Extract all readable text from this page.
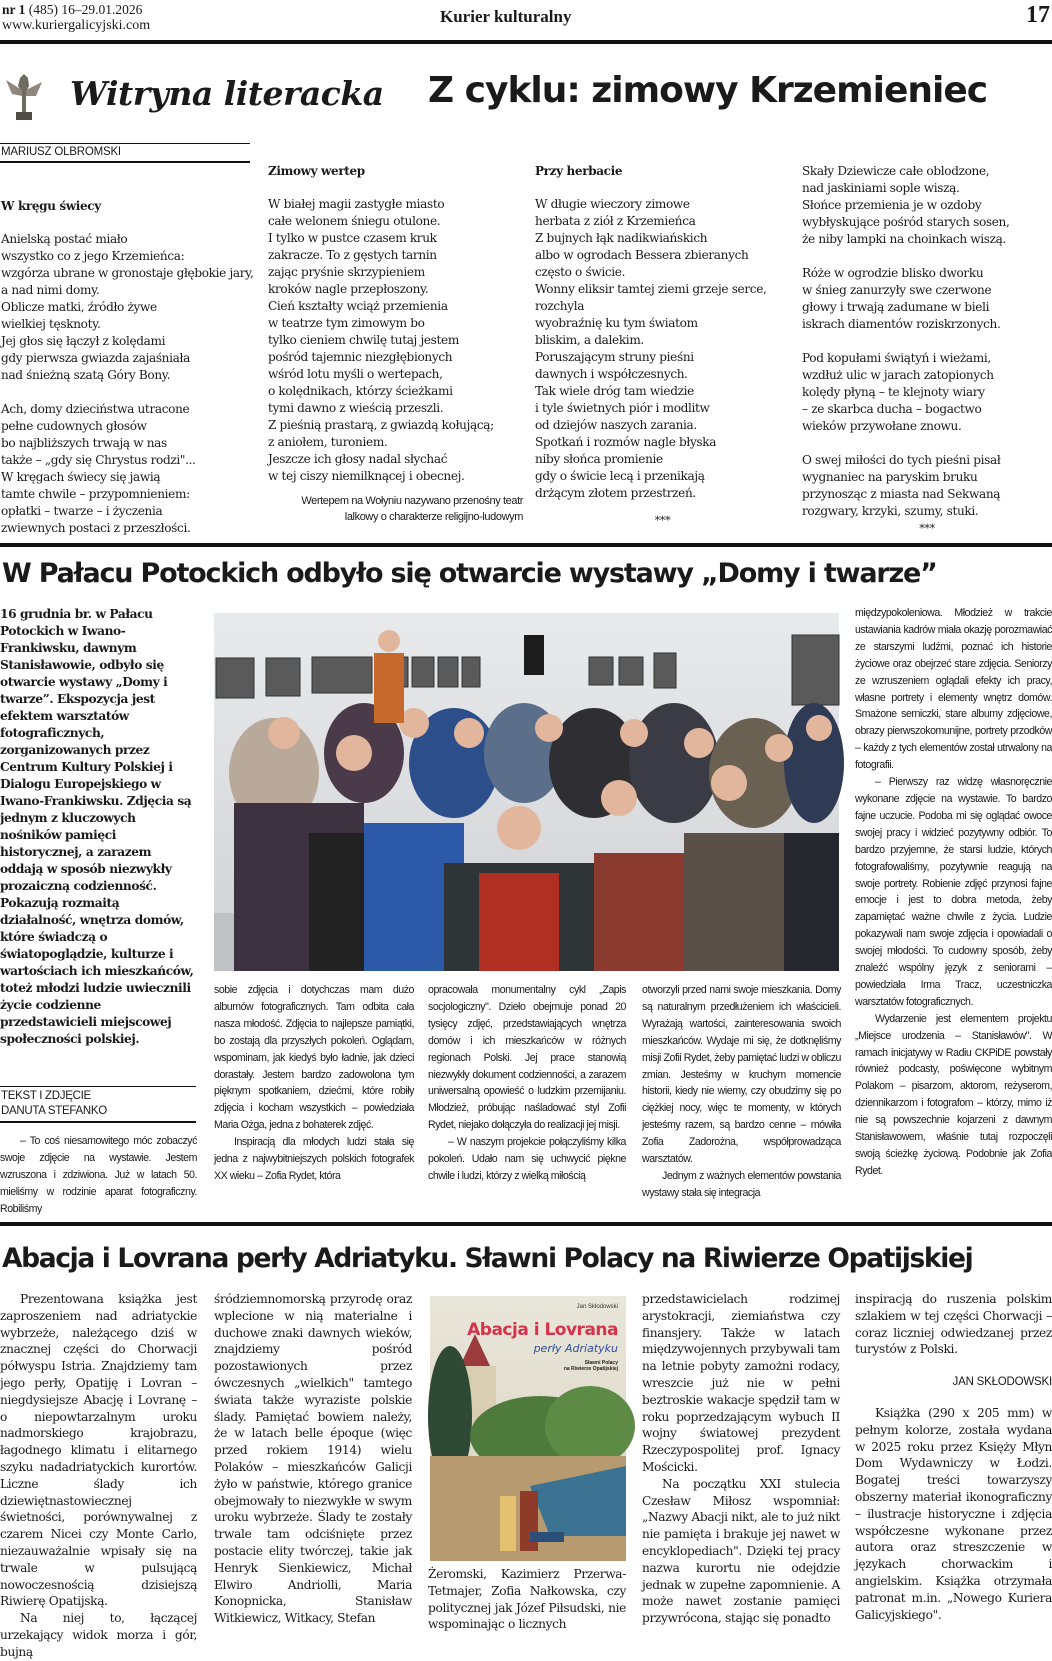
nr 1 (485) 16–29.01.2026
www.kuriergalicyjski.com	Kurier kulturalny	17
Witryna literacka Z cyklu: zimowy Krzemieniec
MARIUSZ OLBROMSKI

W kręgu świecy
Anielską postać miało
wszystko co z jego Krzemieńca:
wzgórza ubrane w gronostaje głębokie jary,
a nad nimi domy.
Oblicze matki, źródło żywe
wielkiej tęsknoty.
Jej głos się łączył z kolędami
gdy pierwsza gwiazda zajaśniała
nad śnieżną szatą Góry Bony.

Ach, domy dzieciństwa utracone
pełne cudownych głosów
bo najbliższych trwają w nas
także – „gdy się Chrystus rodzi"...
W kręgach świecy się jawią
tamte chwile – przypomnieniem:
opłatki – twarze – i życzenia
zwiewnych postaci z przeszłości.

Zimowy wertep
W białej magii zastygłe miasto
całe welonem śniegu otulone.
I tylko w pustce czasem kruk
zakracze. To z gęstych tarnin
zając pryśnie skrzypieniem
kroków nagle przepłoszony.
Cień kształty wciąż przemienia
w teatrze tym zimowym bo
tylko cieniem chwilę tutaj jestem
pośród tajemnic niezgłębionych
wśród lotu myśli o wertepach,
o kolędnikach, którzy ścieżkami
tymi dawno z wieścią przeszli.
Z pieśnią prastarą, z gwiazdą kołującą;
z aniołem, turoniem.
Jeszcze ich głosy nadal słychać
w tej ciszy niemilknącej i obecnej.

Wertepem na Wołyniu nazywano przenośny teatr lalkowy o charakterze religijno-ludowym

Przy herbacie
W długie wieczory zimowe
herbata z ziół z Krzemieńca
Z bujnych łąk nadikwiańskich
albo w ogrodach Bessera zbieranych
często o świcie.
Wonny eliksir tamtej ziemi grzeje serce,
rozchyla
wyobraźnię ku tym światom
bliskim, a dalekim.
Poruszającym struny pieśni
dawnych i współczesnych.
Tak wiele dróg tam wiedzie
i tyle świetnych piór i modlitw
od dziejów naszych zarania.
Spotkań i rozmów nagle błyska
niby słońca promienie
gdy o świcie lecą i przenikają
drżącym złotem przestrzeń.

***

Skały Dziewicze całe oblodzone,
nad jaskiniami sople wiszą.
Słońce przemienia je w ozdoby
wybłyskujące pośród starych sosen,
że niby lampki na choinkach wiszą.

Róże w ogrodzie blisko dworku
w śnieg zanurzyły swe czerwone
głowy i trwają zadumane w bieli
iskrach diamentów roziskrzonych.

Pod kopułami świątyń i wieżami,
wzdłuż ulic w jarach zatopionych
kolędy płyną – te klejnoty wiary
– ze skarbca ducha – bogactwo
wieków przywołane znowu.

O swej miłości do tych pieśni pisał
wygnaniec na paryskim bruku
przynosząc z miasta nad Sekwaną
rozgwary, krzyki, szumy, stuki.

***

W Pałacu Potockich odbyło się otwarcie wystawy „Domy i twarze”
16 grudnia br. w Pałacu Potockich w Iwano-Frankiwsku, dawnym Stanisławowie, odbyło się otwarcie wystawy „Domy i twarze”. Ekspozycja jest efektem warsztatów fotograficznych, zorganizowanych przez Centrum Kultury Polskiej i Dialogu Europejskiego w Iwano-Frankiwsku. Zdjęcia są jednym z kluczowych nośników pamięci historycznej, a zarazem oddają w sposób niezwykły prozaiczną codzienność. Pokazują rozmaitą działalność, wnętrza domów, które świadczą o światopoglądzie, kulturze i wartościach ich mieszkańców, toteż młodzi ludzie uwiecznili życie codzienne przedstawicieli miejscowej społeczności polskiej.
TEKST I ZDJĘCIE
DANUTA STEFANKO

– To coś niesamowitego móc zobaczyć swoje zdjęcie na wystawie. Jestem wzruszona i zdziwiona. Już w latach 50. mieliśmy w rodzinie aparat fotograficzny. Robiliśmy

sobie zdjęcia i dotychczas mam dużo albumów fotograficznych. Tam odbita cała nasza młodość. Zdjęcia to najlepsze pamiątki, bo zostają dla przyszłych pokoleń. Oglądam, wspominam, jak kiedyś było ładnie, jak dzieci dorastały. Jestem bardzo zadowolona tym pięknym spotkaniem, dziećmi, które robiły zdjęcia i kocham wszystkich – powiedziała Maria Ożga, jedna z bohaterek zdjęć.

Inspiracją dla młodych ludzi stała się jedna z najwybitniejszych polskich fotografek XX wieku – Zofia Rydet, która

opracowała monumentalny cykl „Zapis socjologiczny". Dzieło obejmuje ponad 20 tysięcy zdjęć, przedstawiających wnętrza domów i ich mieszkańców w różnych regionach Polski. Jej prace stanowią niezwykły dokument codzienności, a zarazem uniwersalną opowieść o ludzkim przemijaniu. Młodzież, próbując naśladować styl Zofii Rydet, niejako dołączyła do realizacji jej misji.

– W naszym projekcie połączyliśmy kilka pokoleń. Udało nam się uchwycić piękne chwile i ludzi, którzy z wielką miłością

otworzyli przed nami swoje mieszkania. Domy są naturalnym przedłużeniem ich właścicieli. Wyrażają wartości, zainteresowania swoich mieszkańców. Wydaje mi się, że dotknęliśmy misji Zofii Rydet, żeby pamiętać ludzi w obliczu zmian. Jesteśmy w kruchym momencie historii, kiedy nie wiemy, czy obudzimy się po ciężkiej nocy, więc te momenty, w których jesteśmy razem, są bardzo cenne – mówiła Zofia Zadorożna, współprowadząca warsztatów.

Jednym z ważnych elementów powstania wystawy stała się integracja

międzypokoleniowa. Młodzież w trakcie ustawiania kadrów miała okazję porozmawiać ze starszymi ludźmi, poznać ich historie życiowe oraz obejrzeć stare zdjęcia. Seniorzy ze wzruszeniem oglądali efekty ich pracy, własne portrety i elementy wnętrz domów. Smażone serniczki, stare albumy zdjęciowe, obrazy pierwszokomunijne, portrety przodków – każdy z tych elementów został utrwalony na fotografii.

– Pierwszy raz widzę własnoręcznie wykonane zdjęcie na wystawie. To bardzo fajne uczucie. Podoba mi się oglądać owoce swojej pracy i widzieć pozytywny odbiór. To bardzo przyjemne, że starsi ludzie, których fotografowaliśmy, pozytywnie reagują na swoje portrety. Robienie zdjęć przynosi fajne emocje i jest to dobra metoda, żeby zapamiętać ważne chwile z życia. Ludzie pokazywali nam swoje zdjęcia i opowiadali o swojej młodości. To cudowny sposób, żeby znaleźć wspólny język z seniorami – powiedziała Irma Tracz, uczestniczka warsztatów fotograficznych.

Wydarzenie jest elementem projektu „Miejsce urodzenia – Stanisławów". W ramach inicjatywy w Radiu CKPiDE powstały również podcasty, poświęcone wybitnym Polakom – pisarzom, aktorom, reżyserom, dziennikarzom i fotografom – którzy, mimo iż nie są powszechnie kojarzeni z dawnym Stanisławowem, właśnie tutaj rozpoczęli swoją ścieżkę życiową. Podobnie jak Zofia Rydet.

Abacja i Lovrana perły Adriatyku. Sławni Polacy na Riwierze Opatijskiej

Prezentowana książka jest zaproszeniem nad adriatyckie wybrzeże, należącego dziś w znacznej części do Chorwacji półwyspu Istria. Znajdziemy tam jego perły, Opatiję i Lovran – niegdysiejsze Abację i Lovranę – o niepowtarzalnym uroku nadmorskiego krajobrazu, łagodnego klimatu i elitarnego szyku nadadriatyckich kurortów. Liczne ślady ich dziewiętnastowiecznej świetności, porównywalnej z czarem Nicei czy Monte Carlo, niezauważalnie wpisały się na trwale w pulsującą nowoczesnością dzisiejszą Riwierę Opatijską.

Na niej to, łączącej urzekający widok morza i gór, bujną

śródziemnomorską przyrodę oraz wplecione w nią materialne i duchowe znaki dawnych wieków, znajdziemy pośród pozostawionych przez ówczesnych „wielkich" tamtego świata także wyraziste polskie ślady. Pamiętać bowiem należy, że w latach belle époque (więc przed rokiem 1914) wielu Polaków – mieszkańców Galicji żyło w państwie, którego granice obejmowały to niezwykłe w swym uroku wybrzeże. Ślady te zostały trwale tam odciśnięte przez postacie elity twórczej, takie jak Henryk Sienkiewicz, Michał Elwiro Andriolli, Maria Konopnicka, Stanisław Witkiewicz, Witkacy, Stefan

Jan Skłodowski
Abacja i Lovrana
perły Adriatyku
Sławni Polacy
na Riwierze Opatijskiej

Żeromski, Kazimierz Przerwa-Tetmajer, Zofia Nałkowska, czy politycznej jak Józef Piłsudski, nie wspominając o licznych

przedstawicielach rodzimej arystokracji, ziemiaństwa czy finansjery. Także w latach międzywojennych przybywali tam na letnie pobyty zamożni rodacy, wreszcie już nie w pełni beztroskie wakacje spędził tam w roku poprzedzającym wybuch II wojny światowej prezydent Rzeczypospolitej prof. Ignacy Mościcki.

Na początku XXI stulecia Czesław Miłosz wspomniał: „Nazwy Abacji nikt, ale to już nikt nie pamięta i brakuje jej nawet w encyklopediach". Dzięki tej pracy nazwa kurortu nie odejdzie jednak w zupełne zapomnienie. A może nawet zostanie pamięci przywrócona, stając się ponadto

inspiracją do ruszenia polskim szlakiem w tej części Chorwacji – coraz liczniej odwiedzanej przez turystów z Polski.

JAN SKŁODOWSKI

Książka (290 x 205 mm) w pełnym kolorze, została wydana w 2025 roku przez Księży Młyn Dom Wydawniczy w Łodzi. Bogatej treści towarzyszy obszerny materiał ikonograficzny – ilustracje historyczne i zdjęcia współczesne wykonane przez autora oraz streszczenie w językach chorwackim i angielskim. Książka otrzymała patronat m.in. „Nowego Kuriera Galicyjskiego".
